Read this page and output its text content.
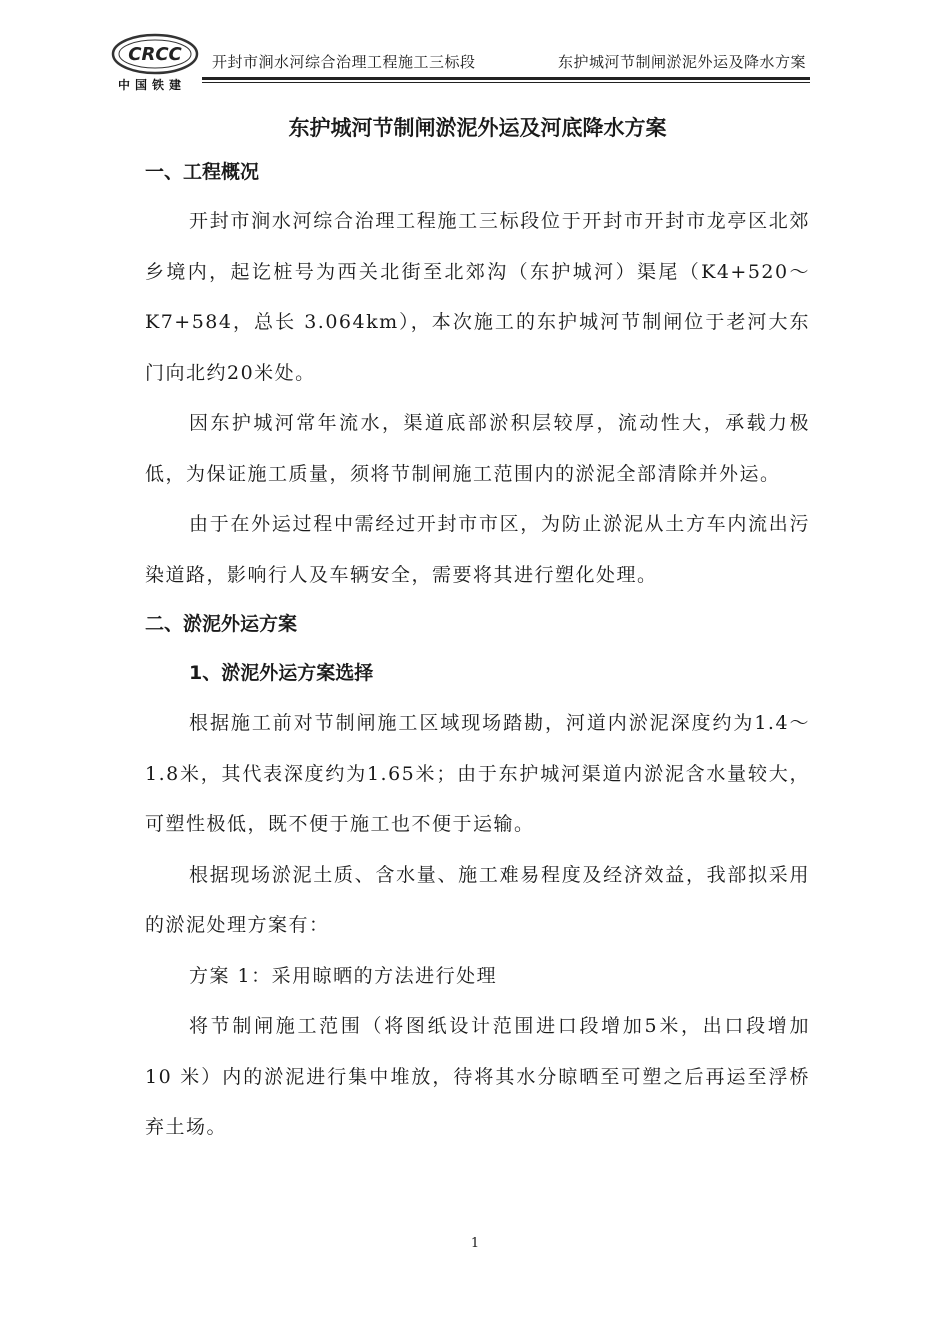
CRCC
中国铁建
开封市涧水河综合治理工程施工三标段	东护城河节制闸淤泥外运及降水方案
东护城河节制闸淤泥外运及河底降水方案
一、工程概况

开封市涧水河综合治理工程施工三标段位于开封市开封市龙亭区北郊乡境内，起讫桩号为西关北街至北郊沟（东护城河）渠尾（K4+520～K7+584，总长 3.064km），本次施工的东护城河节制闸位于老河大东门向北约20米处。

因东护城河常年流水，渠道底部淤积层较厚，流动性大，承载力极低，为保证施工质量，须将节制闸施工范围内的淤泥全部清除并外运。

由于在外运过程中需经过开封市市区，为防止淤泥从土方车内流出污染道路，影响行人及车辆安全，需要将其进行塑化处理。

二、淤泥外运方案
1、淤泥外运方案选择

根据施工前对节制闸施工区域现场踏勘，河道内淤泥深度约为1.4～1.8米，其代表深度约为1.65米；由于东护城河渠道内淤泥含水量较大，可塑性极低，既不便于施工也不便于运输。

根据现场淤泥土质、含水量、施工难易程度及经济效益，我部拟采用的淤泥处理方案有：

方案 1：采用晾晒的方法进行处理

将节制闸施工范围（将图纸设计范围进口段增加5米，出口段增加 10 米）内的淤泥进行集中堆放，待将其水分晾晒至可塑之后再运至浮桥弃土场。

1
